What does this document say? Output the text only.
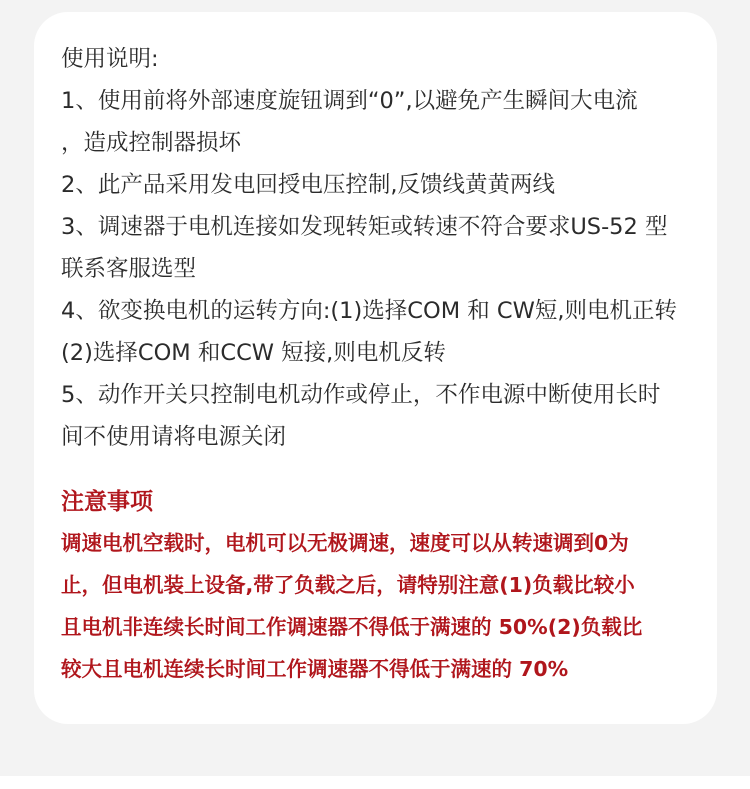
使用说明:
1、使用前将外部速度旋钮调到“0”,以避免产生瞬间大电流
，造成控制器损坏
2、此产品采用发电回授电压控制,反馈线黄黄两线
3、调速器于电机连接如发现转矩或转速不符合要求US-52 型
联系客服选型
4、欲变换电机的运转方向:(1)选择COM 和 CW短,则电机正转
(2)选择COM 和CCW 短接,则电机反转
5、动作开关只控制电机动作或停止，不作电源中断使用长时
间不使用请将电源关闭
注意事项
调速电机空载时，电机可以无极调速，速度可以从转速调到0为
止，但电机装上设备,带了负载之后，请特别注意(1)负载比较小
且电机非连续长时间工作调速器不得低于满速的 50%(2)负载比
较大且电机连续长时间工作调速器不得低于满速的 70%
